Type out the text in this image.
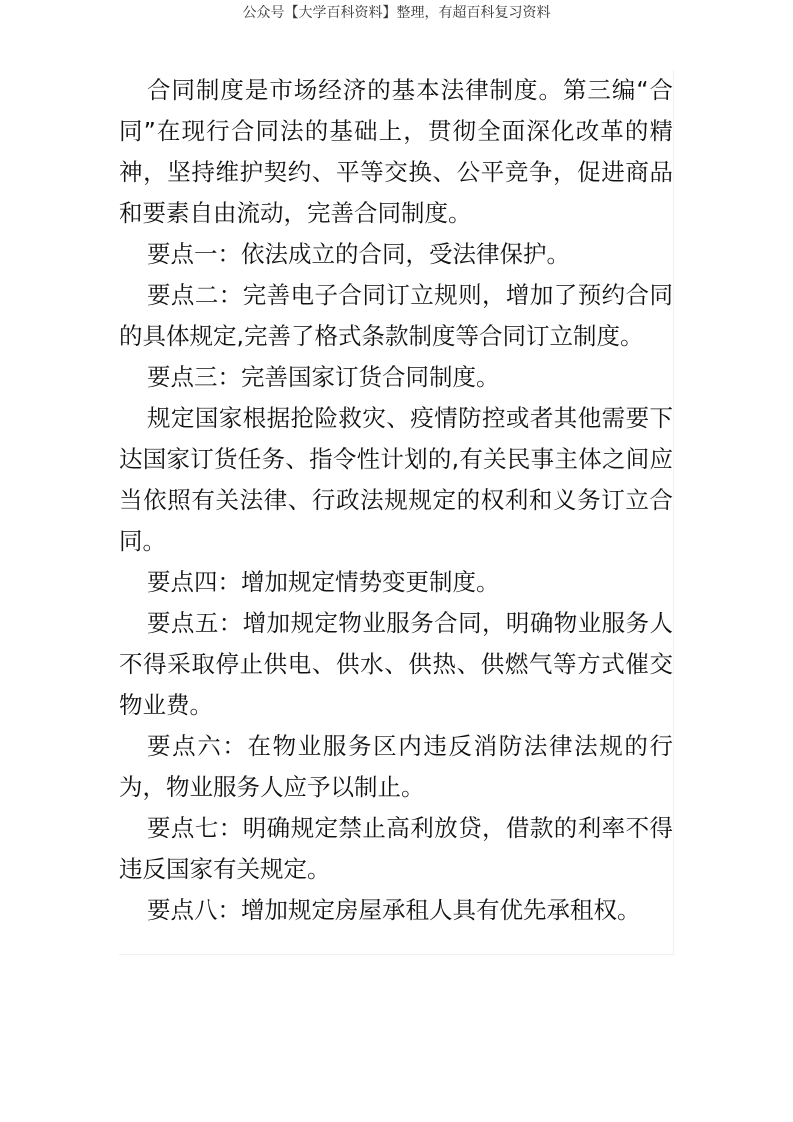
公众号【大学百科资料】整理，有超百科复习资料

合同制度是市场经济的基本法律制度。第三编“合同”在现行合同法的基础上，贯彻全面深化改革的精神，坚持维护契约、平等交换、公平竞争，促进商品和要素自由流动，完善合同制度。

要点一：依法成立的合同，受法律保护。

要点二：完善电子合同订立规则，增加了预约合同的具体规定,完善了格式条款制度等合同订立制度。

要点三：完善国家订货合同制度。

规定国家根据抢险救灾、疫情防控或者其他需要下达国家订货任务、指令性计划的,有关民事主体之间应当依照有关法律、行政法规规定的权利和义务订立合同。

要点四：增加规定情势变更制度。

要点五：增加规定物业服务合同，明确物业服务人不得采取停止供电、供水、供热、供燃气等方式催交物业费。

要点六：在物业服务区内违反消防法律法规的行为，物业服务人应予以制止。

要点七：明确规定禁止高利放贷，借款的利率不得违反国家有关规定。

要点八：增加规定房屋承租人具有优先承租权。
